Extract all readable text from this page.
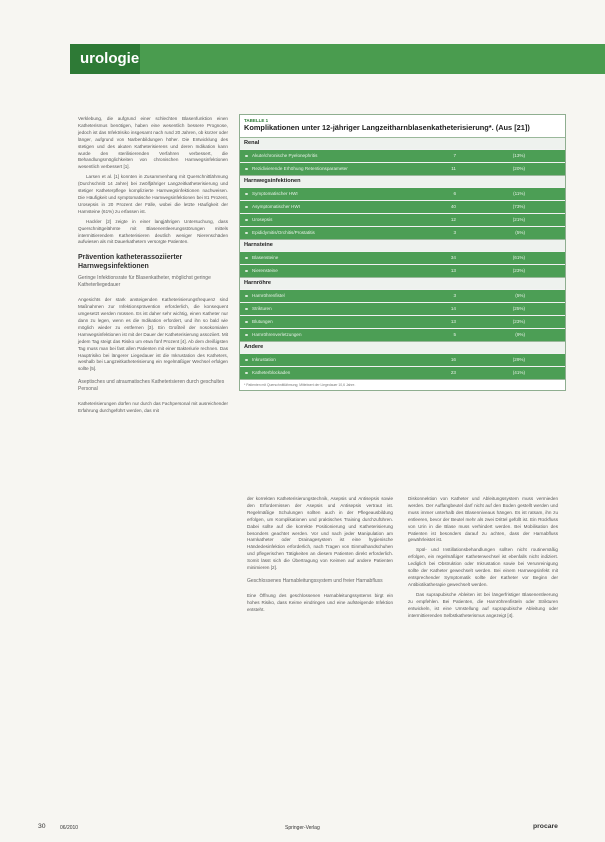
urologie

Verklebung, die aufgrund einer schlechten Blasenfunktion einen Katheterismus benötigen, haben eine wesentlich bessere Prognose, jedoch ist das Infektrisiko insgesamt nach rund 20 Jahren, ob kürzer oder länger, aufgrund von Narbenbildungen höher. Die Entwicklung des stetigen und des akuten Katheterisierens und deren Indikation kann wurde den sterilisierenden Verfahren verbessert, die Behandlungsmöglichkeiten von chronischen Harnwegsinfektionen wesentlich verbessert [1].

Larsen et al. [1] konnten in Zusammenhang mit Querschnittlähmung (Durchschnitt 14 Jahre) bei zwölfjähriger Langzeitkatheterisierung und stetiger Katheterpflege komplizierte Harnwegsinfektionen nachweisen. Die Häufigkeit und symptomatische Harnwegsinfektionen bei 81 Prozent, Urosepsis in 20 Prozent der Fälle, wobei die letzte Häufigkeit der Harnsteine (61%) zu erfassen ist.

Hackler [2] zeigte in einer langjährigen Untersuchung, dass Querschnittgelähmte mit Blasenentleerungsstörungen mittels intermittierendem Katheterisieren deutlich weniger Nierenschäden aufwiesen als mit Dauerkathetern versorgte Patienten.

Prävention katheterassoziierter Harnwegsinfektionen
Geringe Infektionsrate für Blasenkatheter, möglichst geringe Katheterliegedauer

Angesichts der stark ansteigenden Katheterisierungsfrequenz sind Maßnahmen zur Infektionsprävention erforderlich, die konsequent umgesetzt werden müssen. Es ist daher sehr wichtig, einen Katheter nur dann zu legen, wenn es die Indikation erfordert, und ihn so bald wie möglich wieder zu entfernen [3]. Ein Großteil der nosokomialen Harnwegsinfektionen ist mit der Dauer der Katheterisierung assoziiert. Mit jedem Tag steigt das Risiko um etwa fünf Prozent [4]. Ab dem dreißigsten Tag muss man bei fast allen Patienten mit einer Bakteriurie rechnen. Das Hauptrisiko bei längerer Liegedauer ist die Inkrustation des Katheters, weshalb bei Langzeitkatheterisierung ein regelmäßiger Wechsel erfolgen sollte [5].

Aseptisches und atraumatisches Katheterisieren durch geschultes Personal

Katheterisierungen dürfen nur durch das Fachpersonal mit ausreichender Erfahrung durchgeführt werden, das mit

TABELLE 1
Komplikationen unter 12-jähriger Langzeitharnblasenkatheterisierung*. (Aus [21])
Renal
Akute/chronische Pyelonephritis	7	(13%)
Rezidivierende Erhöhung Retentionsparameter	11	(20%)
Harnwegsinfektionen
Symptomatischer HWI	6	(11%)
Asymptomatischer HWI	40	(73%)
Urosepsis	12	(21%)
Epididymitis/Orchitis/Prostatitis	3	(5%)
Harnsteine
Blasensteine	34	(61%)
Nierensteine	13	(23%)
Harnröhre
Harnröhrenfistel	3	(5%)
Strikturen	14	(25%)
Blutungen	13	(23%)
Harnröhrenverletzungen	5	(9%)
Andere
Inkrustation	16	(29%)
Katheterblockaden	23	(41%)
* Patienten mit Querschnittlähmung; Mittelwert der Liegedauer 10,6 Jahre.

der korrekten Katheterisierungstechnik, Asepsis und Antisepsis sowie den Erfordernissen der Asepsis und Antisepsis vertraut ist. Regelmäßige Schulungen sollten auch in der Pflegeausbildung erfolgen, um Komplikationen und praktisches Training durchzuführen. Dabei sollte auf die korrekte Positionierung und Katheterisierung besonders geachtet werden. Vor und nach jeder Manipulation am Harnkatheter oder Drainagesystem ist eine hygienische Händedesinfektion erforderlich, nach Tragen von Einmalhandschuhen und pflegerischen Tätigkeiten an diesem Patienten direkt erforderlich. Somit lässt sich die Übertragung von Keimen auf andere Patienten minimieren [2].

Geschlossenes Harnableitungssystem und freier Harnabfluss

Eine Öffnung des geschlossenen Harnableitungssystems birgt ein hohes Risiko, dass Keime eindringen und eine aufsteigende Infektion entsteht.

Diskonnektion von Katheter und Ableitungssystem muss vermieden werden. Der Auffangbeutel darf nicht auf den Boden gestellt werden und muss immer unterhalb des Blasenniveaus hängen. Es ist ratsam, ihn zu entleeren, bevor der Beutel mehr als zwei Drittel gefüllt ist. Ein Rückfluss von Urin in die Blase muss verhindert werden. Bei Mobilisation des Patienten ist besonders darauf zu achten, dass der Harnabfluss gewährleistet ist.

Spül- und Instillationsbehandlungen sollten nicht routinemäßig erfolgen, ein regelmäßiger Katheterwechsel ist ebenfalls nicht indiziert. Lediglich bei Obstruktion oder Inkrustation sowie bei Verunreinigung sollte der Katheter gewechselt werden. Bei einem Harnwegsinfekt mit entsprechender Symptomatik sollte der Katheter vor Beginn der Antibiotikatherapie gewechselt werden.

Das suprapubische Ableiten ist bei längerfristiger Blasenentleerung zu empfehlen. Bei Patienten, die Harnröhrenfisteln oder Strikturen entwickeln, ist eine Umstellung auf suprapubische Ableitung oder intermittierenden Selbstkatheterismus angezeigt [4].

30	06/2010	Springer-Verlag	procare
